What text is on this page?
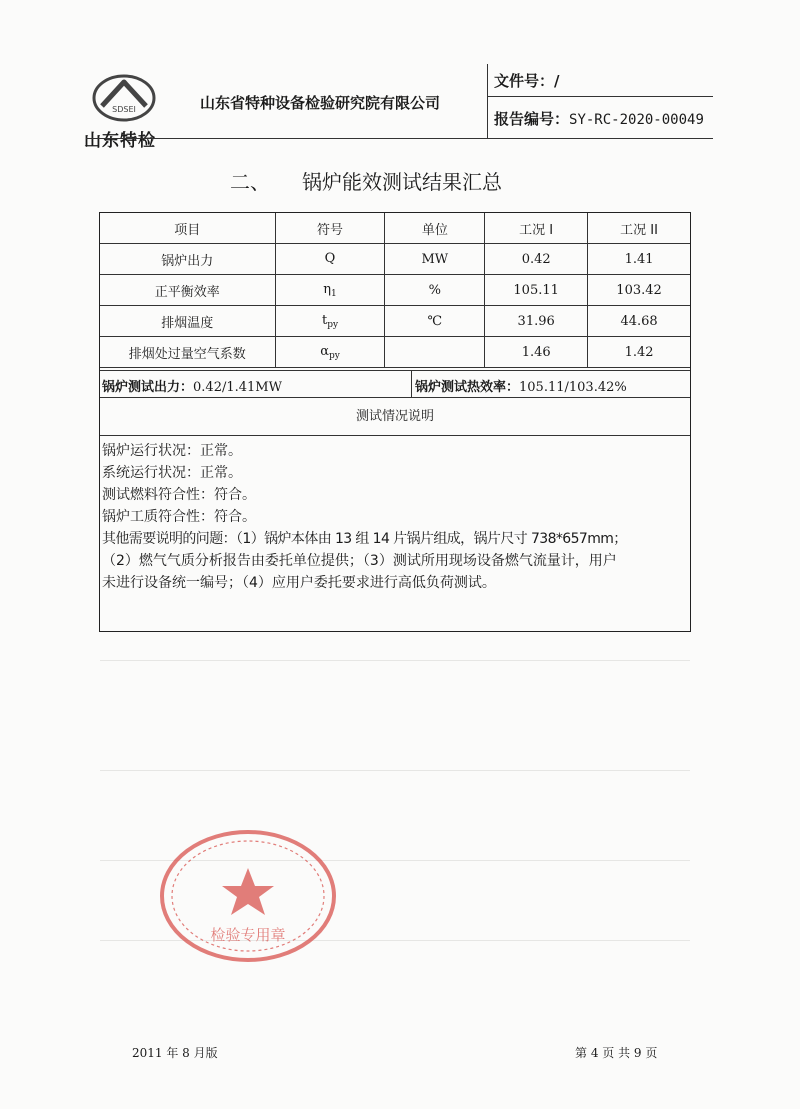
SDSEI
山东特检
山东省特种设备检验研究院有限公司
文件号：/
报告编号：SY-RC-2020-00049
二、 锅炉能效测试结果汇总
项目	符号	单位	工况 I	工况 II
锅炉出力	Q	MW	0.42	1.41
正平衡效率	$\eta_1$	%	105.11	103.42
排烟温度	$t_{py}$	℃	31.96	44.68
排烟处过量空气系数	$\alpha_{py}$		1.46	1.42
锅炉测试出力：0.42/1.41MW	锅炉测试热效率：105.11/103.42%
测试情况说明
锅炉运行状况：正常。
系统运行状况：正常。
测试燃料符合性：符合。
锅炉工质符合性：符合。
其他需要说明的问题：（1）锅炉本体由 13 组 14 片锅片组成，锅片尺寸 738*657mm；
（2）燃气气质分析报告由委托单位提供；（3）测试所用现场设备燃气流量计，用户
未进行设备统一编号；（4）应用户委托要求进行高低负荷测试。
检验专用章
2011 年 8 月版	第 4 页 共 9 页
